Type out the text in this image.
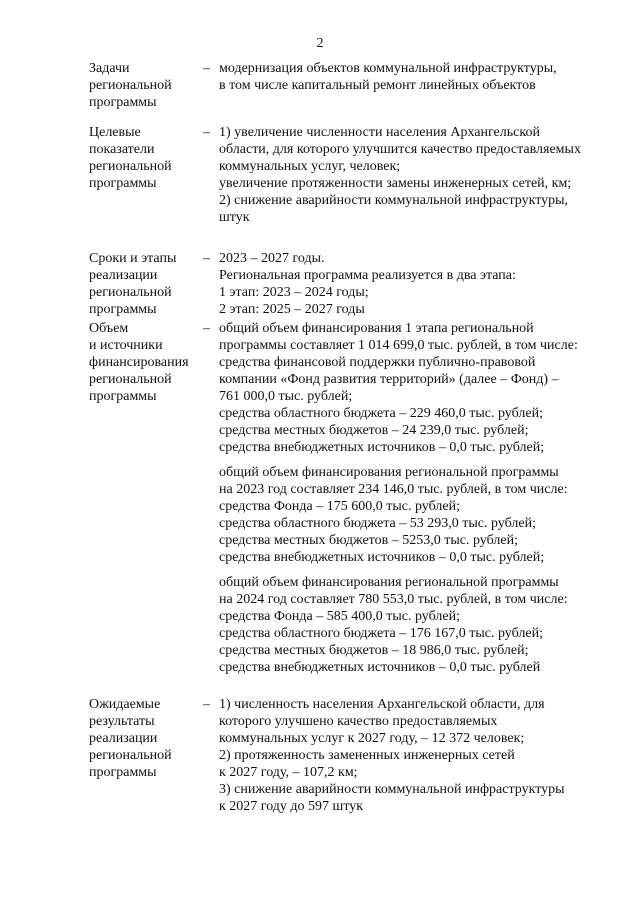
2
Задачи
региональной
программы
– модернизация объектов коммунальной инфраструктуры,
в том числе капитальный ремонт линейных объектов
Целевые
показатели
региональной
программы
– 1) увеличение численности населения Архангельской
области, для которого улучшится качество предоставляемых
коммунальных услуг, человек;
увеличение протяженности замены инженерных сетей, км;
2) снижение аварийности коммунальной инфраструктуры,
штук
Сроки и этапы
реализации
региональной
программы
– 2023 – 2027 годы.
Региональная программа реализуется в два этапа:
1 этап: 2023 – 2024 годы;
2 этап: 2025 – 2027 годы
Объем
и источники
финансирования
региональной
программы
– общий объем финансирования 1 этапа региональной
программы составляет 1 014 699,0 тыс. рублей, в том числе:
средства финансовой поддержки публично-правовой
компании «Фонд развития территорий» (далее – Фонд) –
761 000,0 тыс. рублей;
средства областного бюджета – 229 460,0 тыс. рублей;
средства местных бюджетов – 24 239,0 тыс. рублей;
средства внебюджетных источников – 0,0 тыс. рублей;
общий объем финансирования региональной программы
на 2023 год составляет 234 146,0 тыс. рублей, в том числе:
средства Фонда – 175 600,0 тыс. рублей;
средства областного бюджета – 53 293,0 тыс. рублей;
средства местных бюджетов – 5253,0 тыс. рублей;
средства внебюджетных источников – 0,0 тыс. рублей;
общий объем финансирования региональной программы
на 2024 год составляет 780 553,0 тыс. рублей, в том числе:
средства Фонда – 585 400,0 тыс. рублей;
средства областного бюджета – 176 167,0 тыс. рублей;
средства местных бюджетов – 18 986,0 тыс. рублей;
средства внебюджетных источников – 0,0 тыс. рублей
Ожидаемые
результаты
реализации
региональной
программы
– 1) численность населения Архангельской области, для
которого улучшено качество предоставляемых
коммунальных услуг к 2027 году, – 12 372 человек;
2) протяженность замененных инженерных сетей
к 2027 году, – 107,2 км;
3) снижение аварийности коммунальной инфраструктуры
к 2027 году до 597 штук
